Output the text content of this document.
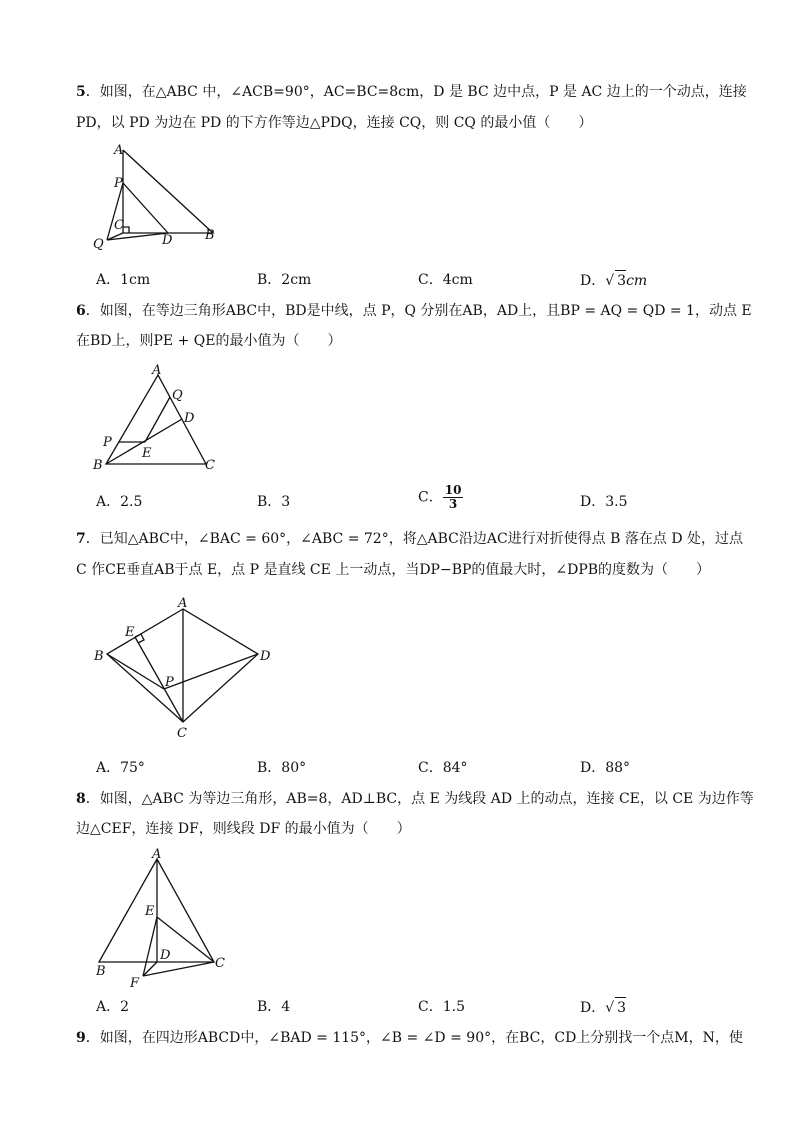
5．如图，在△ABC 中，∠ACB=90°，AC=BC=8cm，D 是 BC 边中点，P 是 AC 边上的一个动点，连接
PD，以 PD 为边在 PD 的下方作等边△PDQ，连接 CQ，则 CQ 的最小值（　　）
A
P
C
Q	D	B
A．1cm	B．2cm	C．4cm	D．√ 3cm
6．如图，在等边三角形ABC中，BD是中线，点 P，Q 分别在AB，AD上，且BP = AQ = QD = 1，动点 E
在BD上，则PE + QE的最小值为（　　）
A
Q
D
P
E
B	C
A．2.5	B．3	C． $\frac{10}{3}$	D．3.5
7．已知△ABC中，∠BAC = 60°，∠ABC = 72°，将△ABC沿边AC进行对折使得点 B 落在点 D 处，过点
C 作CE垂直AB于点 E，点 P 是直线 CE 上一动点，当DP−BP的值最大时，∠DPB的度数为（　　）
A
E
B	D
P
C
A．75°	B．80°	C．84°	D．88°
8．如图，△ABC 为等边三角形，AB=8，AD⊥BC，点 E 为线段 AD 上的动点，连接 CE，以 CE 为边作等
边△CEF，连接 DF，则线段 DF 的最小值为（　　）
A
E
D
B
C
F
A．2	B．4	C．1.5	D．√ 3
9．如图，在四边形ABCD中，∠BAD = 115°，∠B = ∠D = 90°，在BC，CD上分别找一个点M，N，使
